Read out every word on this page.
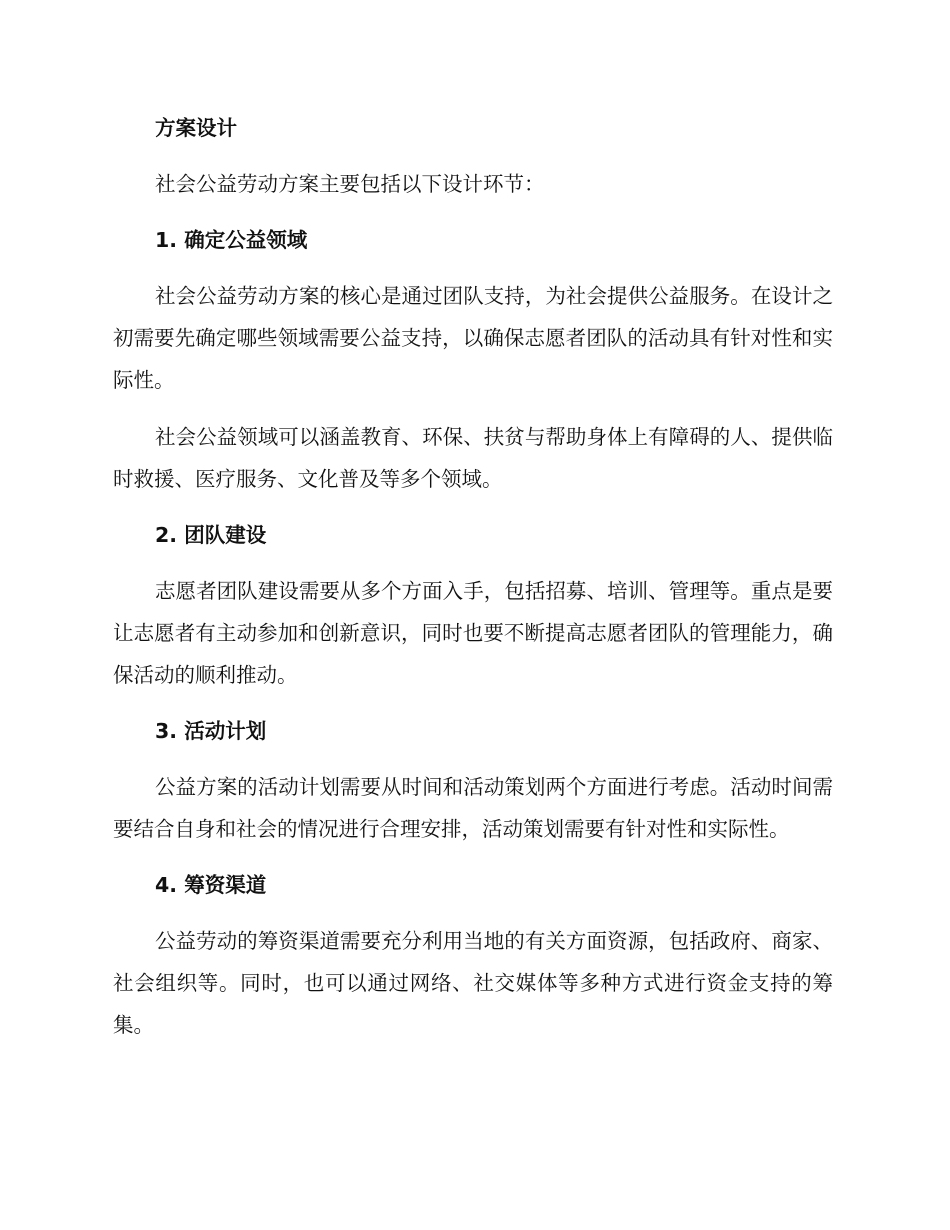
方案设计

社会公益劳动方案主要包括以下设计环节：

1. 确定公益领域

社会公益劳动方案的核心是通过团队支持，为社会提供公益服务。在设计之初需要先确定哪些领域需要公益支持，以确保志愿者团队的活动具有针对性和实际性。

社会公益领域可以涵盖教育、环保、扶贫与帮助身体上有障碍的人、提供临时救援、医疗服务、文化普及等多个领域。

2. 团队建设

志愿者团队建设需要从多个方面入手，包括招募、培训、管理等。重点是要让志愿者有主动参加和创新意识，同时也要不断提高志愿者团队的管理能力，确保活动的顺利推动。

3. 活动计划

公益方案的活动计划需要从时间和活动策划两个方面进行考虑。活动时间需要结合自身和社会的情况进行合理安排，活动策划需要有针对性和实际性。

4. 筹资渠道

公益劳动的筹资渠道需要充分利用当地的有关方面资源，包括政府、商家、社会组织等。同时，也可以通过网络、社交媒体等多种方式进行资金支持的筹集。
